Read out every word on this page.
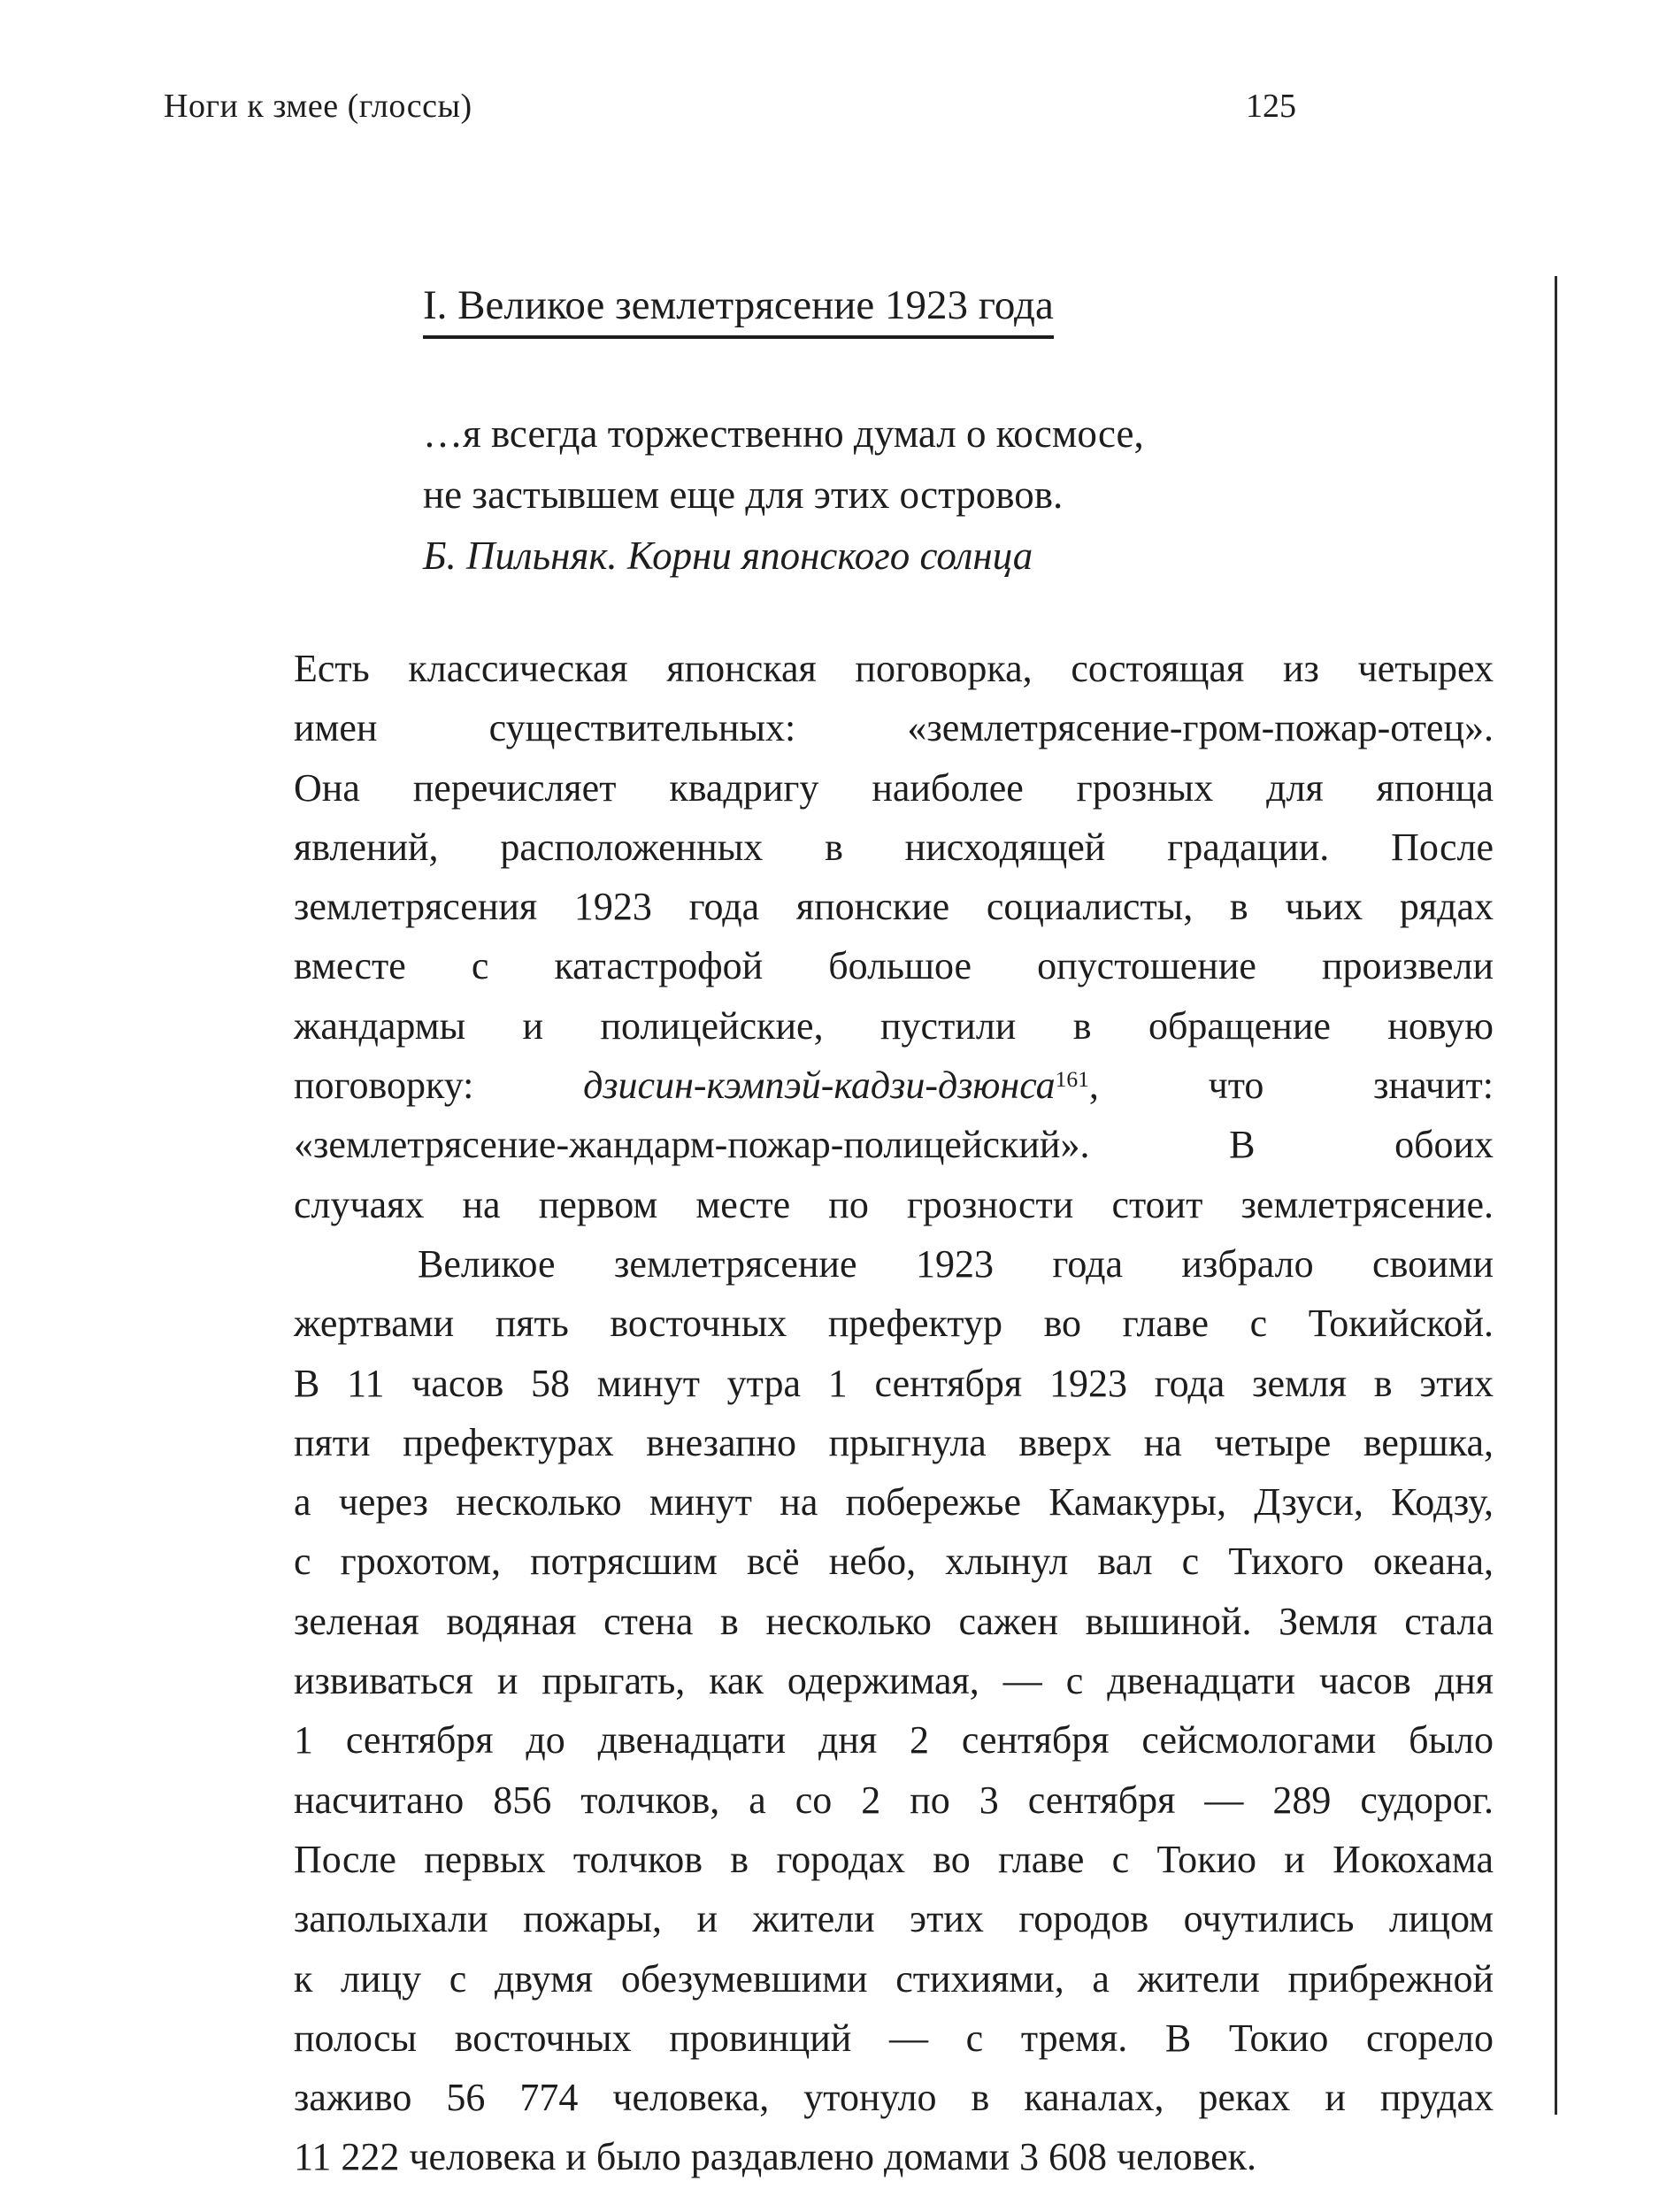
Ноги к змее (глоссы)	125
I. Великое землетрясение 1923 года
…я всегда торжественно думал о космосе,
не застывшем еще для этих островов.
Б. Пильняк. Корни японского солнца
Есть классическая японская поговорка, состоящая из четырех
имен существительных: «землетрясение-гром-пожар-отец».
Она перечисляет квадригу наиболее грозных для японца
явлений, расположенных в нисходящей градации. После
землетрясения 1923 года японские социалисты, в чьих рядах
вместе с катастрофой большое опустошение произвели
жандармы и полицейские, пустили в обращение новую
поговорку: дзисин-кэмпэй-кадзи-дзюнса$^{161}$, что значит:
«землетрясение-жандарм-пожар-полицейский». В обоих
случаях на первом месте по грозности стоит землетрясение.
Великое землетрясение 1923 года избрало своими
жертвами пять восточных префектур во главе с Токийской.
В 11 часов 58 минут утра 1 сентября 1923 года земля в этих
пяти префектурах внезапно прыгнула вверх на четыре вершка,
а через несколько минут на побережье Камакуры, Дзуси, Кодзу,
с грохотом, потрясшим всё небо, хлынул вал с Тихого океана,
зеленая водяная стена в несколько сажен вышиной. Земля стала
извиваться и прыгать, как одержимая, — с двенадцати часов дня
1 сентября до двенадцати дня 2 сентября сейсмологами было
насчитано 856 толчков, а со 2 по 3 сентября — 289 судорог.
После первых толчков в городах во главе с Токио и Иокохама
заполыхали пожары, и жители этих городов очутились лицом
к лицу с двумя обезумевшими стихиями, а жители прибрежной
полосы восточных провинций — с тремя. В Токио сгорело
заживо 56 774 человека, утонуло в каналах, реках и прудах
11 222 человека и было раздавлено домами 3 608 человек.
